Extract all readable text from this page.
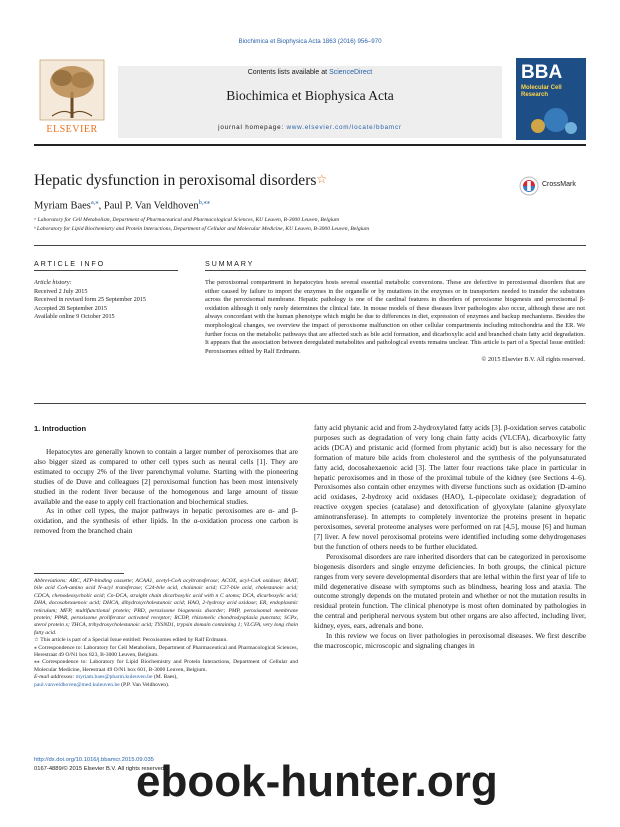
Biochimica et Biophysica Acta 1863 (2016) 956–970
ELSEVIER
Contents lists available at ScienceDirect
Biochimica et Biophysica Acta
journal homepage: www.elsevier.com/locate/bbamcr
BBA
Molecular Cell Research
Hepatic dysfunction in peroxisomal disorders☆	CrossMark
Myriam Baes$^{a,⁎}$, Paul P. Van Veldhoven$^{b,⁎⁎}$
ᵃ Laboratory for Cell Metabolism, Department of Pharmaceutical and Pharmacological Sciences, KU Leuven, B-3000 Leuven, Belgium
ᵇ Laboratory for Lipid Biochemistry and Protein Interactions, Department of Cellular and Molecular Medicine, KU Leuven, B-3000 Leuven, Belgium
ARTICLE INFO	SUMMARY
Article history:
Received 2 July 2015
Received in revised form 25 September 2015
Accepted 28 September 2015
Available online 9 October 2015
The peroxisomal compartment in hepatocytes hosts several essential metabolic conversions. These are defective in peroxisomal disorders that are either caused by failure to import the enzymes in the organelle or by mutations in the enzymes or in transporters needed to transfer the substrates across the peroxisomal membrane. Hepatic pathology is one of the cardinal features in disorders of peroxisome biogenesis and peroxisomal β-oxidation although it only rarely determines the clinical fate. In mouse models of these diseases liver pathologies also occur, although these are not always concordant with the human phenotype which might be due to differences in diet, expression of enzymes and backup mechanisms. Besides the morphological changes, we overview the impact of peroxisome malfunction on other cellular compartments including mitochondria and the ER. We further focus on the metabolic pathways that are affected such as bile acid formation, and dicarboxylic acid and branched chain fatty acid degradation. It appears that the association between deregulated metabolites and pathological events remains unclear. This article is part of a Special Issue entitled: Peroxisomes edited by Ralf Erdmann.
© 2015 Elsevier B.V. All rights reserved.
1. Introduction

Hepatocytes are generally known to contain a larger number of peroxisomes that are also bigger sized as compared to other cell types such as neural cells [1]. They are estimated to occupy 2% of the liver parenchymal volume. Starting with the pioneering studies of de Duve and colleagues [2] peroxisomal function has been most intensively studied in the rodent liver because of the homogenous and large amount of tissue available and the ease to apply cell fractionation and biochemical studies.

As in other cell types, the major pathways in hepatic peroxisomes are α- and β-oxidation, and the synthesis of ether lipids. In the α-oxidation process one carbon is removed from the branched chain

fatty acid phytanic acid and from 2-hydroxylated fatty acids [3]. β-oxidation serves catabolic purposes such as degradation of very long chain fatty acids (VLCFA), dicarboxylic fatty acids (DCA) and pristanic acid (formed from phytanic acid) but is also necessary for the formation of mature bile acids from cholesterol and the synthesis of the polyunsaturated fatty acid, docosahexaenoic acid [3]. The latter four reactions take place in particular in hepatic peroxisomes and in those of the proximal tubule of the kidney (see Sections 4–6). Peroxisomes also contain other enzymes with diverse functions such as oxidation (D-amino acid oxidases, 2-hydroxy acid oxidases (HAO), L-pipecolate oxidase); degradation of reactive oxygen species (catalase) and detoxification of glyoxylate (alanine glyoxylate aminotransferase). In attempts to completely inventorize the proteins present in hepatic peroxisomes, several proteome analyses were performed on rat [4,5], mouse [6] and human [7] liver. A few novel peroxisomal proteins were identified including some dehydrogenases but the function of others needs to be further elucidated.

Peroxisomal disorders are rare inherited disorders that can be categorized in peroxisome biogenesis disorders and single enzyme deficiencies. In both groups, the clinical picture ranges from very severe developmental disorders that are lethal within the first year of life to mild degenerative disease with symptoms such as blindness, hearing loss and ataxia. The outcome strongly depends on the mutated protein and whether or not the mutation results in residual protein function. The clinical phenotype is most often dominated by pathologies in the central and peripheral nervous system but other organs are also affected, including liver, kidney, eyes, ears, adrenals and bone.

In this review we focus on liver pathologies in peroxisomal diseases. We first describe the macroscopic, microscopic and signaling changes in

Abbreviations: ABC, ATP-binding cassette; ACAA1, acetyl-CoA acyltransferase; ACOX, acyl-CoA oxidase; BAAT, bile acid CoA-amino acid N-acyl transferase; C24-bile acid, cholanoic acid; C27-bile acid, cholestanoic acid; CDCA, chenodeoxycholic acid; Cn-DCA, straight chain dicarboxylic acid with n C atoms; DCA, dicarboxylic acid; DHA, docosahexaenoic acid; DHCA, dihydroxycholestanoic acid; HAO, 2-hydroxy acid oxidase; ER, endoplasmic reticulum; MFP, multifunctional protein; PBD, peroxisome biogenesis disorder; PMP, peroxisomal membrane protein; PPAR, peroxisome proliferator activated receptor; RCDP, rhizomelic chondrodysplasia punctata; SCPx, sterol protein x; THCA, trihydroxycholestanoic acid; TYSND1, trypsin domain containing 1; VLCFA, very long chain fatty acid.

☆ This article is part of a Special Issue entitled: Peroxisomes edited by Ralf Erdmann.

⁎ Correspondence to: Laboratory for Cell Metabolism, Department of Pharmaceutical and Pharmacological Sciences, Herestraat 49 O/N1 box 823, B-3000 Leuven, Belgium.

⁎⁎ Correspondence to: Laboratory for Lipid Biochemistry and Protein Interactions, Department of Cellular and Molecular Medicine, Herestraat 49 O/N1 box 601, B-3000 Leuven, Belgium.

E-mail addresses: myriam.baes@pharm.kuleuven.be (M. Baes),
paul.vanveldhoven@med.kuleuven.be (P.P. Van Veldhoven).

http://dx.doi.org/10.1016/j.bbamcr.2015.09.035
0167-4889/© 2015 Elsevier B.V. All rights reserved.
ebook-hunter.org
